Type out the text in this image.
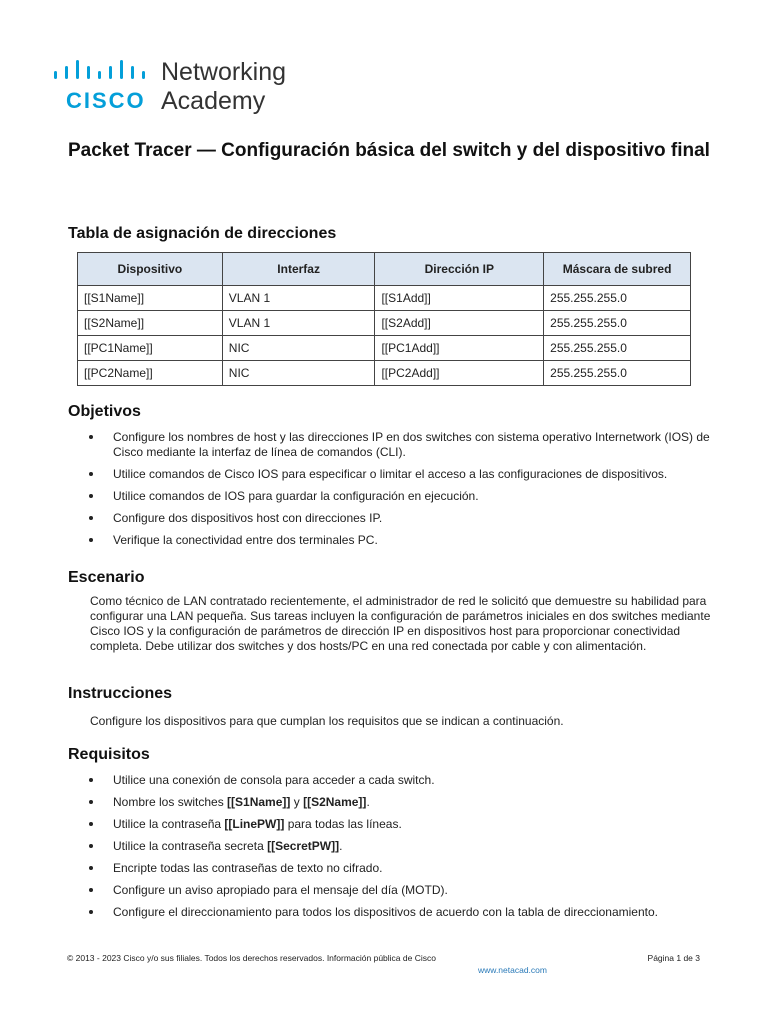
CISCO
Networking
Academy
Packet Tracer — Configuración básica del switch y del dispositivo final
Tabla de asignación de direcciones
Dispositivo	Interfaz	Dirección IP	Máscara de subred
[[S1Name]]	VLAN 1	[[S1Add]]	255.255.255.0
[[S2Name]]	VLAN 1	[[S2Add]]	255.255.255.0
[[PC1Name]]	NIC	[[PC1Add]]	255.255.255.0
[[PC2Name]]	NIC	[[PC2Add]]	255.255.255.0
Objetivos
Configure los nombres de host y las direcciones IP en dos switches con sistema operativo Internetwork (IOS) de Cisco mediante la interfaz de línea de comandos (CLI).
Utilice comandos de Cisco IOS para especificar o limitar el acceso a las configuraciones de dispositivos.
Utilice comandos de IOS para guardar la configuración en ejecución.
Configure dos dispositivos host con direcciones IP.
Verifique la conectividad entre dos terminales PC.
Escenario

Como técnico de LAN contratado recientemente, el administrador de red le solicitó que demuestre su habilidad para configurar una LAN pequeña. Sus tareas incluyen la configuración de parámetros iniciales en dos switches mediante Cisco IOS y la configuración de parámetros de dirección IP en dispositivos host para proporcionar conectividad completa. Debe utilizar dos switches y dos hosts/PC en una red conectada por cable y con alimentación.

Instrucciones

Configure los dispositivos para que cumplan los requisitos que se indican a continuación.

Requisitos
Utilice una conexión de consola para acceder a cada switch.
Nombre los switches [[S1Name]] y [[S2Name]].
Utilice la contraseña [[LinePW]] para todas las líneas.
Utilice la contraseña secreta [[SecretPW]].
Encripte todas las contraseñas de texto no cifrado.
Configure un aviso apropiado para el mensaje del día (MOTD).
Configure el direccionamiento para todos los dispositivos de acuerdo con la tabla de direccionamiento.
© 2013 - 2023 Cisco y/o sus filiales. Todos los derechos reservados. Información pública de Cisco	Página 1 de 3
www.netacad.com
